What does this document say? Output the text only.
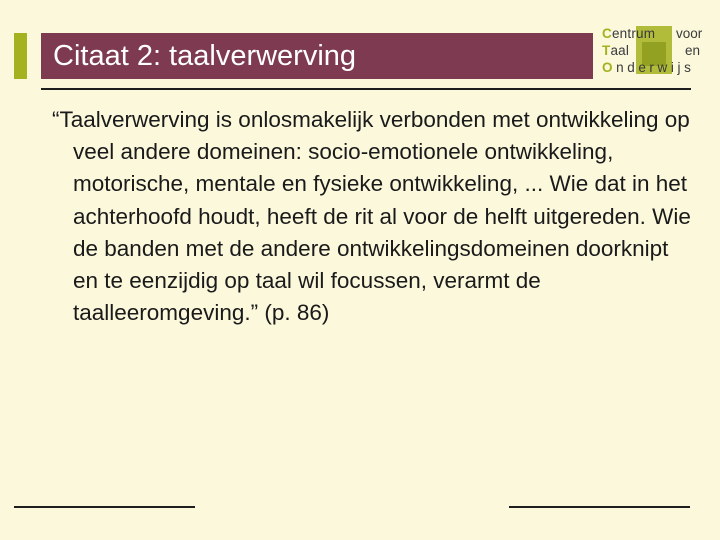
Citaat 2: taalverwerving
Centrum voor
Taal	en
Onderwijs

“Taalverwerving is onlosmakelijk verbonden met ontwikkeling op veel andere domeinen: socio-emotionele ontwikkeling, motorische, mentale en fysieke ontwikkeling, ... Wie dat in het achterhoofd houdt, heeft de rit al voor de helft uitgereden. Wie de banden met de andere ontwikkelingsdomeinen doorknipt en te eenzijdig op taal wil focussen, verarmt de taalleeromgeving.” (p. 86)
